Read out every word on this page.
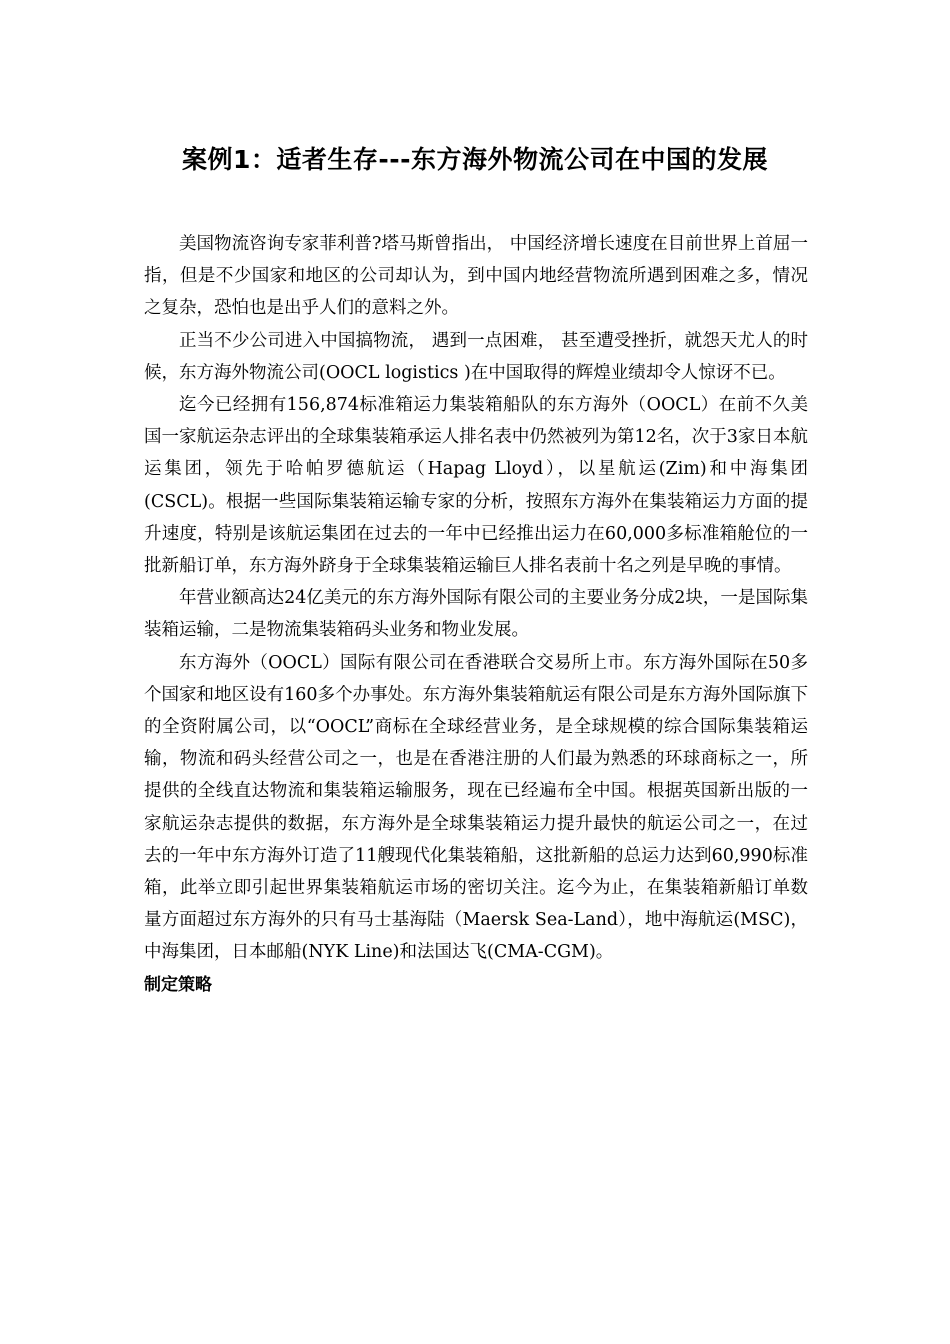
案例1：适者生存---东方海外物流公司在中国的发展

美国物流咨询专家菲利普?塔马斯曾指出， 中国经济增长速度在目前世界上首屈一指，但是不少国家和地区的公司却认为，到中国内地经营物流所遇到困难之多，情况之复杂，恐怕也是出乎人们的意料之外。

正当不少公司进入中国搞物流， 遇到一点困难， 甚至遭受挫折，就怨天尤人的时候，东方海外物流公司(OOCL logistics )在中国取得的辉煌业绩却令人惊讶不已。

迄今已经拥有156,874标准箱运力集装箱船队的东方海外（OOCL）在前不久美国一家航运杂志评出的全球集装箱承运人排名表中仍然被列为第12名，次于3家日本航运集团，领先于哈帕罗德航运（Hapag Lloyd），以星航运(Zim)和中海集团(CSCL)。根据一些国际集装箱运输专家的分析，按照东方海外在集装箱运力方面的提升速度，特别是该航运集团在过去的一年中已经推出运力在60,000多标准箱舱位的一批新船订单，东方海外跻身于全球集装箱运输巨人排名表前十名之列是早晚的事情。

年营业额高达24亿美元的东方海外国际有限公司的主要业务分成2块，一是国际集装箱运输，二是物流集装箱码头业务和物业发展。

东方海外（OOCL）国际有限公司在香港联合交易所上市。东方海外国际在50多个国家和地区设有160多个办事处。东方海外集装箱航运有限公司是东方海外国际旗下的全资附属公司，以“OOCL”商标在全球经营业务，是全球规模的综合国际集装箱运输，物流和码头经营公司之一，也是在香港注册的人们最为熟悉的环球商标之一，所提供的全线直达物流和集装箱运输服务，现在已经遍布全中国。根据英国新出版的一家航运杂志提供的数据，东方海外是全球集装箱运力提升最快的航运公司之一，在过去的一年中东方海外订造了11艘现代化集装箱船，这批新船的总运力达到60,990标准箱，此举立即引起世界集装箱航运市场的密切关注。迄今为止，在集装箱新船订单数量方面超过东方海外的只有马士基海陆（Maersk Sea-Land），地中海航运(MSC)，中海集团，日本邮船(NYK Line)和法国达飞(CMA-CGM)。

制定策略
